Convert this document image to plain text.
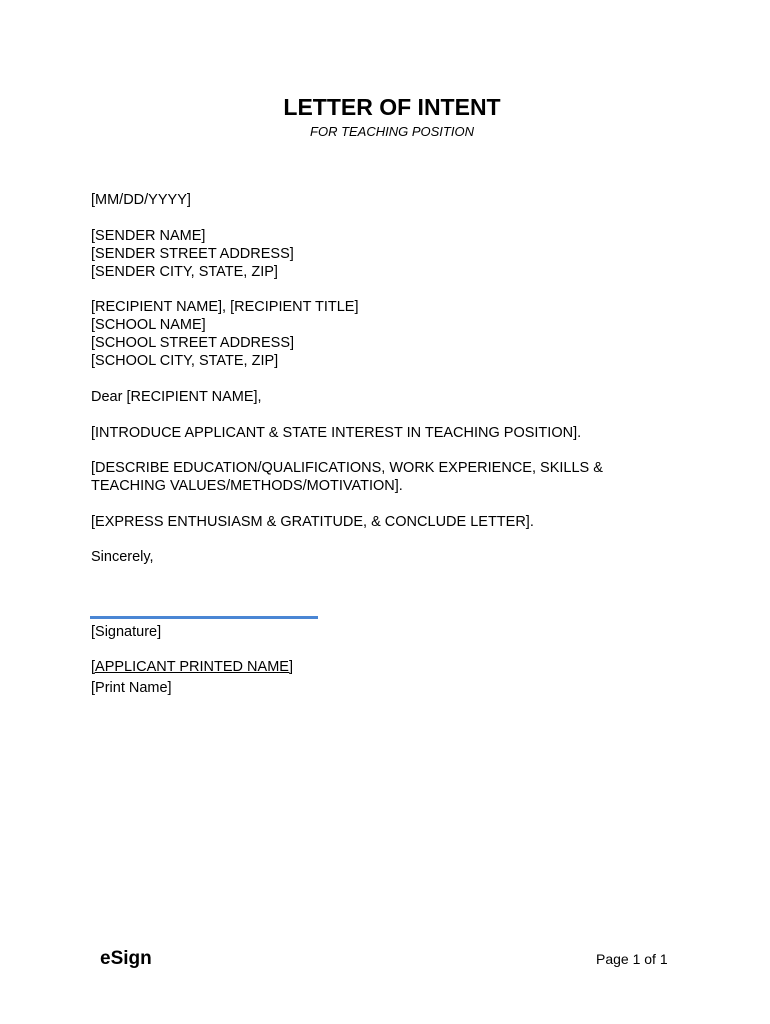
LETTER OF INTENT
FOR TEACHING POSITION
[MM/DD/YYYY]
[SENDER NAME]
[SENDER STREET ADDRESS]
[SENDER CITY, STATE, ZIP]
[RECIPIENT NAME], [RECIPIENT TITLE]
[SCHOOL NAME]
[SCHOOL STREET ADDRESS]
[SCHOOL CITY, STATE, ZIP]
Dear [RECIPIENT NAME],
[INTRODUCE APPLICANT & STATE INTEREST IN TEACHING POSITION].
[DESCRIBE EDUCATION/QUALIFICATIONS, WORK EXPERIENCE, SKILLS &
TEACHING VALUES/METHODS/MOTIVATION].
[EXPRESS ENTHUSIASM & GRATITUDE, & CONCLUDE LETTER].
Sincerely,
[Signature]
[APPLICANT PRINTED NAME]
[Print Name]
eSign	Page 1 of 1
